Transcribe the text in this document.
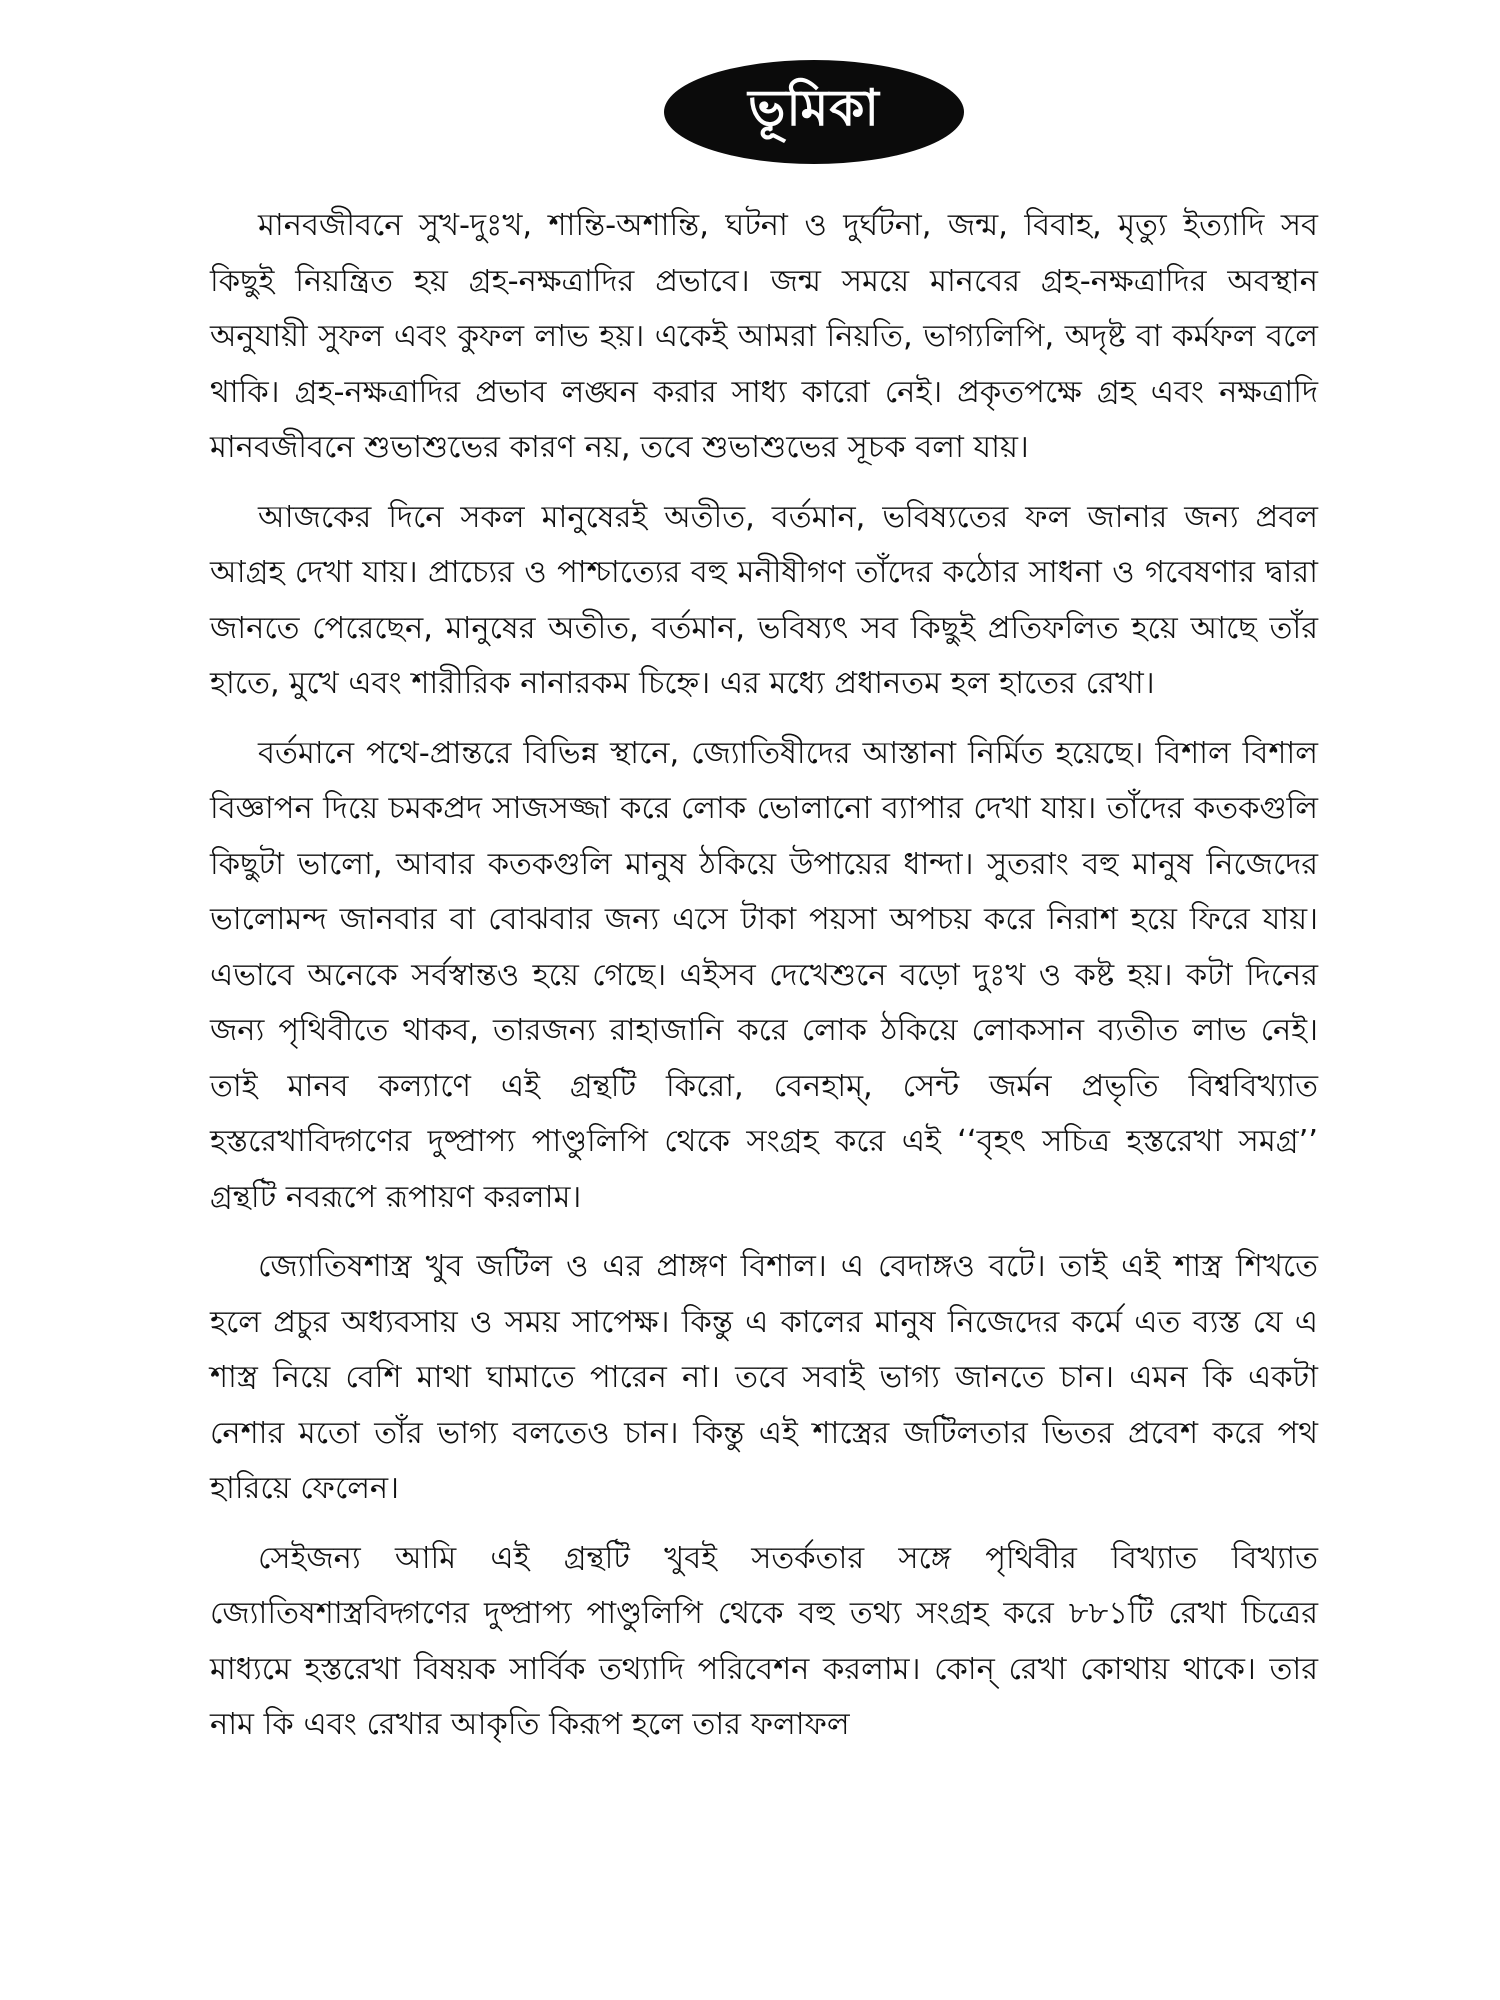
ভূমিকা

মানবজীবনে সুখ-দুঃখ, শান্তি-অশান্তি, ঘটনা ও দুর্ঘটনা, জন্ম, বিবাহ, মৃত্যু ইত্যাদি সব কিছুই নিয়ন্ত্রিত হয় গ্রহ-নক্ষত্রাদির প্রভাবে। জন্ম সময়ে মানবের গ্রহ-নক্ষত্রাদির অবস্থান অনুযায়ী সুফল এবং কুফল লাভ হয়। একেই আমরা নিয়তি, ভাগ্যলিপি, অদৃষ্ট বা কর্মফল বলে থাকি। গ্রহ-নক্ষত্রাদির প্রভাব লঙ্ঘন করার সাধ্য কারো নেই। প্রকৃতপক্ষে গ্রহ এবং নক্ষত্রাদি মানবজীবনে শুভাশুভের কারণ নয়, তবে শুভাশুভের সূচক বলা যায়।

আজকের দিনে সকল মানুষেরই অতীত, বর্তমান, ভবিষ্যতের ফল জানার জন্য প্রবল আগ্রহ দেখা যায়। প্রাচ্যের ও পাশ্চাত্যের বহু মনীষীগণ তাঁদের কঠোর সাধনা ও গবেষণার দ্বারা জানতে পেরেছেন, মানুষের অতীত, বর্তমান, ভবিষ্যৎ সব কিছুই প্রতিফলিত হয়ে আছে তাঁর হাতে, মুখে এবং শারীরিক নানারকম চিহ্নে। এর মধ্যে প্রধানতম হল হাতের রেখা।

বর্তমানে পথে-প্রান্তরে বিভিন্ন স্থানে, জ্যোতিষীদের আস্তানা নির্মিত হয়েছে। বিশাল বিশাল বিজ্ঞাপন দিয়ে চমকপ্রদ সাজসজ্জা করে লোক ভোলানো ব্যাপার দেখা যায়। তাঁদের কতকগুলি কিছুটা ভালো, আবার কতকগুলি মানুষ ঠকিয়ে উপায়ের ধান্দা। সুতরাং বহু মানুষ নিজেদের ভালোমন্দ জানবার বা বোঝবার জন্য এসে টাকা পয়সা অপচয় করে নিরাশ হয়ে ফিরে যায়। এভাবে অনেকে সর্বস্বান্তও হয়ে গেছে। এইসব দেখেশুনে বড়ো দুঃখ ও কষ্ট হয়। কটা দিনের জন্য পৃথিবীতে থাকব, তারজন্য রাহাজানি করে লোক ঠকিয়ে লোকসান ব্যতীত লাভ নেই। তাই মানব কল্যাণে এই গ্রন্থটি কিরো, বেনহাম্, সেন্ট জর্মন প্রভৃতি বিশ্ববিখ্যাত হস্তরেখাবিদ্গণের দুষ্প্রাপ্য পাণ্ডুলিপি থেকে সংগ্রহ করে এই ‘‘বৃহৎ সচিত্র হস্তরেখা সমগ্র’’ গ্রন্থটি নবরূপে রূপায়ণ করলাম।

জ্যোতিষশাস্ত্র খুব জটিল ও এর প্রাঙ্গণ বিশাল। এ বেদাঙ্গও বটে। তাই এই শাস্ত্র শিখতে হলে প্রচুর অধ্যবসায় ও সময় সাপেক্ষ। কিন্তু এ কালের মানুষ নিজেদের কর্মে এত ব্যস্ত যে এ শাস্ত্র নিয়ে বেশি মাথা ঘামাতে পারেন না। তবে সবাই ভাগ্য জানতে চান। এমন কি একটা নেশার মতো তাঁর ভাগ্য বলতেও চান। কিন্তু এই শাস্ত্রের জটিলতার ভিতর প্রবেশ করে পথ হারিয়ে ফেলেন।

সেইজন্য আমি এই গ্রন্থটি খুবই সতর্কতার সঙ্গে পৃথিবীর বিখ্যাত বিখ্যাত জ্যোতিষশাস্ত্রবিদ্গণের দুষ্প্রাপ্য পাণ্ডুলিপি থেকে বহু তথ্য সংগ্রহ করে ৮৮১টি রেখা চিত্রের মাধ্যমে হস্তরেখা বিষয়ক সার্বিক তথ্যাদি পরিবেশন করলাম। কোন্ রেখা কোথায় থাকে। তার নাম কি এবং রেখার আকৃতি কিরূপ হলে তার ফলাফল
